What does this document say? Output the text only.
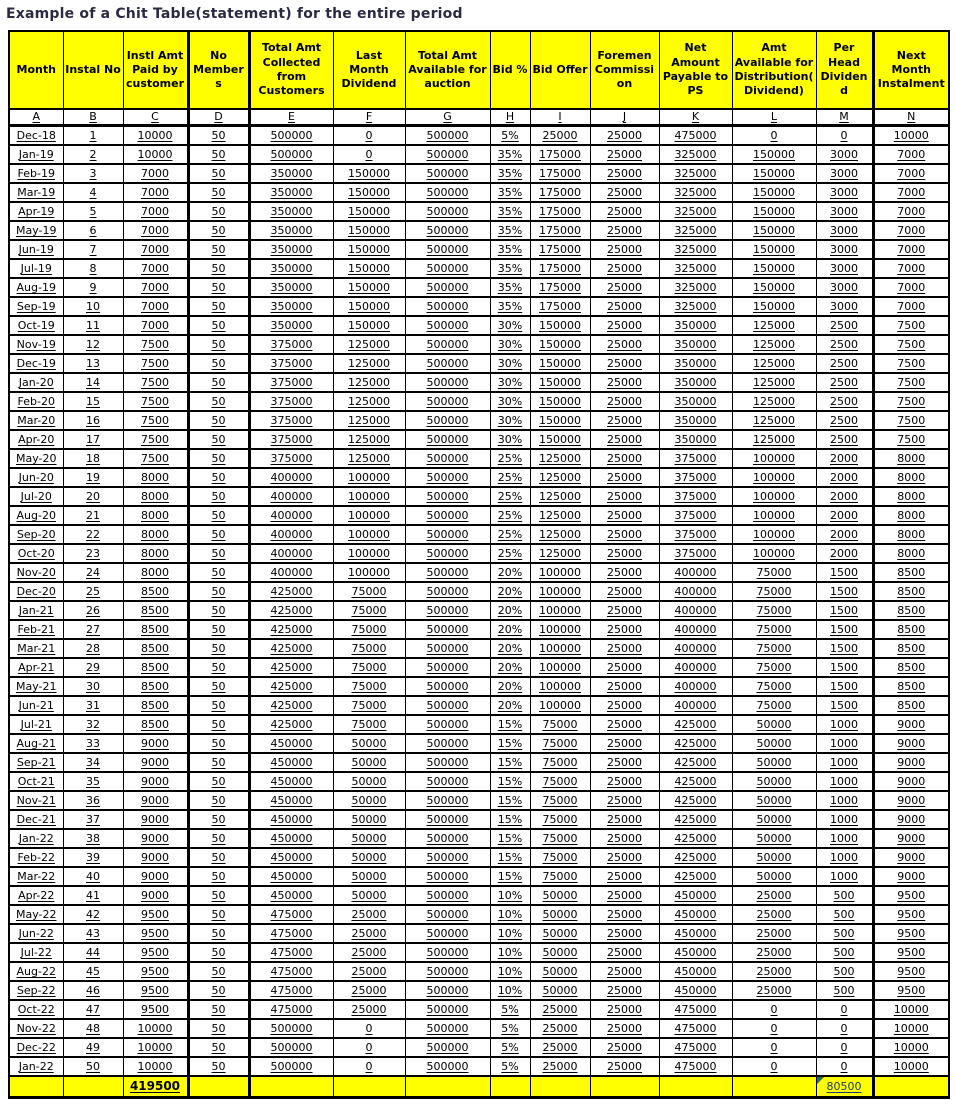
Example of a Chit Table(statement) for the entire period
Month	Instal No	Instl Amt Paid by customer	No Members	Total Amt Collected from Customers	Last Month Dividend	Total Amt Available for auction	Bid %	Bid Offer	Foremen Commission	Net Amount Payable to PS	Amt Available for Distribution( Dividend)	Per Head Dividend	Next Month Instalment
A	B	C	D	E	F	G	H	I	J	K	L	M	N
Dec-18	1	10000	50	500000	0	500000	5%	25000	25000	475000	0	0	10000
Jan-19	2	10000	50	500000	0	500000	35%	175000	25000	325000	150000	3000	7000
Feb-19	3	7000	50	350000	150000	500000	35%	175000	25000	325000	150000	3000	7000
Mar-19	4	7000	50	350000	150000	500000	35%	175000	25000	325000	150000	3000	7000
Apr-19	5	7000	50	350000	150000	500000	35%	175000	25000	325000	150000	3000	7000
May-19	6	7000	50	350000	150000	500000	35%	175000	25000	325000	150000	3000	7000
Jun-19	7	7000	50	350000	150000	500000	35%	175000	25000	325000	150000	3000	7000
Jul-19	8	7000	50	350000	150000	500000	35%	175000	25000	325000	150000	3000	7000
Aug-19	9	7000	50	350000	150000	500000	35%	175000	25000	325000	150000	3000	7000
Sep-19	10	7000	50	350000	150000	500000	35%	175000	25000	325000	150000	3000	7000
Oct-19	11	7000	50	350000	150000	500000	30%	150000	25000	350000	125000	2500	7500
Nov-19	12	7500	50	375000	125000	500000	30%	150000	25000	350000	125000	2500	7500
Dec-19	13	7500	50	375000	125000	500000	30%	150000	25000	350000	125000	2500	7500
Jan-20	14	7500	50	375000	125000	500000	30%	150000	25000	350000	125000	2500	7500
Feb-20	15	7500	50	375000	125000	500000	30%	150000	25000	350000	125000	2500	7500
Mar-20	16	7500	50	375000	125000	500000	30%	150000	25000	350000	125000	2500	7500
Apr-20	17	7500	50	375000	125000	500000	30%	150000	25000	350000	125000	2500	7500
May-20	18	7500	50	375000	125000	500000	25%	125000	25000	375000	100000	2000	8000
Jun-20	19	8000	50	400000	100000	500000	25%	125000	25000	375000	100000	2000	8000
Jul-20	20	8000	50	400000	100000	500000	25%	125000	25000	375000	100000	2000	8000
Aug-20	21	8000	50	400000	100000	500000	25%	125000	25000	375000	100000	2000	8000
Sep-20	22	8000	50	400000	100000	500000	25%	125000	25000	375000	100000	2000	8000
Oct-20	23	8000	50	400000	100000	500000	25%	125000	25000	375000	100000	2000	8000
Nov-20	24	8000	50	400000	100000	500000	20%	100000	25000	400000	75000	1500	8500
Dec-20	25	8500	50	425000	75000	500000	20%	100000	25000	400000	75000	1500	8500
Jan-21	26	8500	50	425000	75000	500000	20%	100000	25000	400000	75000	1500	8500
Feb-21	27	8500	50	425000	75000	500000	20%	100000	25000	400000	75000	1500	8500
Mar-21	28	8500	50	425000	75000	500000	20%	100000	25000	400000	75000	1500	8500
Apr-21	29	8500	50	425000	75000	500000	20%	100000	25000	400000	75000	1500	8500
May-21	30	8500	50	425000	75000	500000	20%	100000	25000	400000	75000	1500	8500
Jun-21	31	8500	50	425000	75000	500000	20%	100000	25000	400000	75000	1500	8500
Jul-21	32	8500	50	425000	75000	500000	15%	75000	25000	425000	50000	1000	9000
Aug-21	33	9000	50	450000	50000	500000	15%	75000	25000	425000	50000	1000	9000
Sep-21	34	9000	50	450000	50000	500000	15%	75000	25000	425000	50000	1000	9000
Oct-21	35	9000	50	450000	50000	500000	15%	75000	25000	425000	50000	1000	9000
Nov-21	36	9000	50	450000	50000	500000	15%	75000	25000	425000	50000	1000	9000
Dec-21	37	9000	50	450000	50000	500000	15%	75000	25000	425000	50000	1000	9000
Jan-22	38	9000	50	450000	50000	500000	15%	75000	25000	425000	50000	1000	9000
Feb-22	39	9000	50	450000	50000	500000	15%	75000	25000	425000	50000	1000	9000
Mar-22	40	9000	50	450000	50000	500000	15%	75000	25000	425000	50000	1000	9000
Apr-22	41	9000	50	450000	50000	500000	10%	50000	25000	450000	25000	500	9500
May-22	42	9500	50	475000	25000	500000	10%	50000	25000	450000	25000	500	9500
Jun-22	43	9500	50	475000	25000	500000	10%	50000	25000	450000	25000	500	9500
Jul-22	44	9500	50	475000	25000	500000	10%	50000	25000	450000	25000	500	9500
Aug-22	45	9500	50	475000	25000	500000	10%	50000	25000	450000	25000	500	9500
Sep-22	46	9500	50	475000	25000	500000	10%	50000	25000	450000	25000	500	9500
Oct-22	47	9500	50	475000	25000	500000	5%	25000	25000	475000	0	0	10000
Nov-22	48	10000	50	500000	0	500000	5%	25000	25000	475000	0	0	10000
Dec-22	49	10000	50	500000	0	500000	5%	25000	25000	475000	0	0	10000
Jan-22	50	10000	50	500000	0	500000	5%	25000	25000	475000	0	0	10000
		419500										80500
